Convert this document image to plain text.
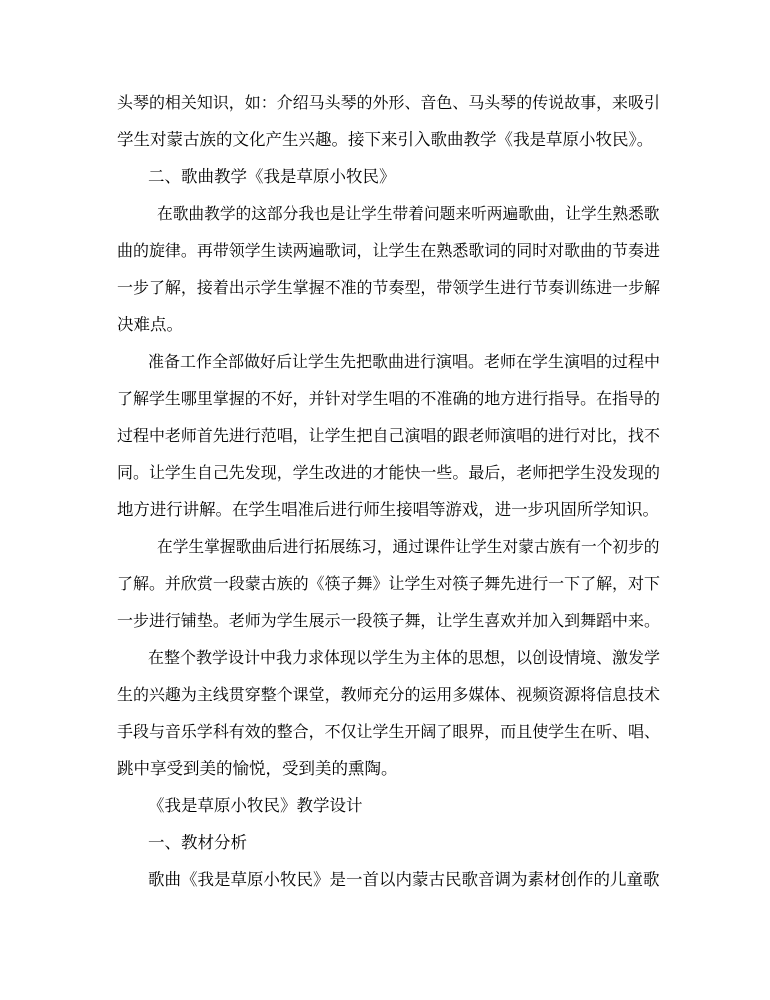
头琴的相关知识，如：介绍马头琴的外形、音色、马头琴的传说故事，来吸引
学生对蒙古族的文化产生兴趣。接下来引入歌曲教学《我是草原小牧民》。
二、歌曲教学《我是草原小牧民》
在歌曲教学的这部分我也是让学生带着问题来听两遍歌曲，让学生熟悉歌
曲的旋律。再带领学生读两遍歌词，让学生在熟悉歌词的同时对歌曲的节奏进
一步了解，接着出示学生掌握不准的节奏型，带领学生进行节奏训练进一步解
决难点。
准备工作全部做好后让学生先把歌曲进行演唱。老师在学生演唱的过程中
了解学生哪里掌握的不好，并针对学生唱的不准确的地方进行指导。在指导的
过程中老师首先进行范唱，让学生把自己演唱的跟老师演唱的进行对比，找不
同。让学生自己先发现，学生改进的才能快一些。最后，老师把学生没发现的
地方进行讲解。在学生唱准后进行师生接唱等游戏，进一步巩固所学知识。
在学生掌握歌曲后进行拓展练习，通过课件让学生对蒙古族有一个初步的
了解。并欣赏一段蒙古族的《筷子舞》让学生对筷子舞先进行一下了解，对下
一步进行铺垫。老师为学生展示一段筷子舞，让学生喜欢并加入到舞蹈中来。
在整个教学设计中我力求体现以学生为主体的思想，以创设情境、激发学
生的兴趣为主线贯穿整个课堂，教师充分的运用多媒体、视频资源将信息技术
手段与音乐学科有效的整合，不仅让学生开阔了眼界，而且使学生在听、唱、
跳中享受到美的愉悦，受到美的熏陶。
《我是草原小牧民》教学设计
一、教材分析
歌曲《我是草原小牧民》是一首以内蒙古民歌音调为素材创作的儿童歌
